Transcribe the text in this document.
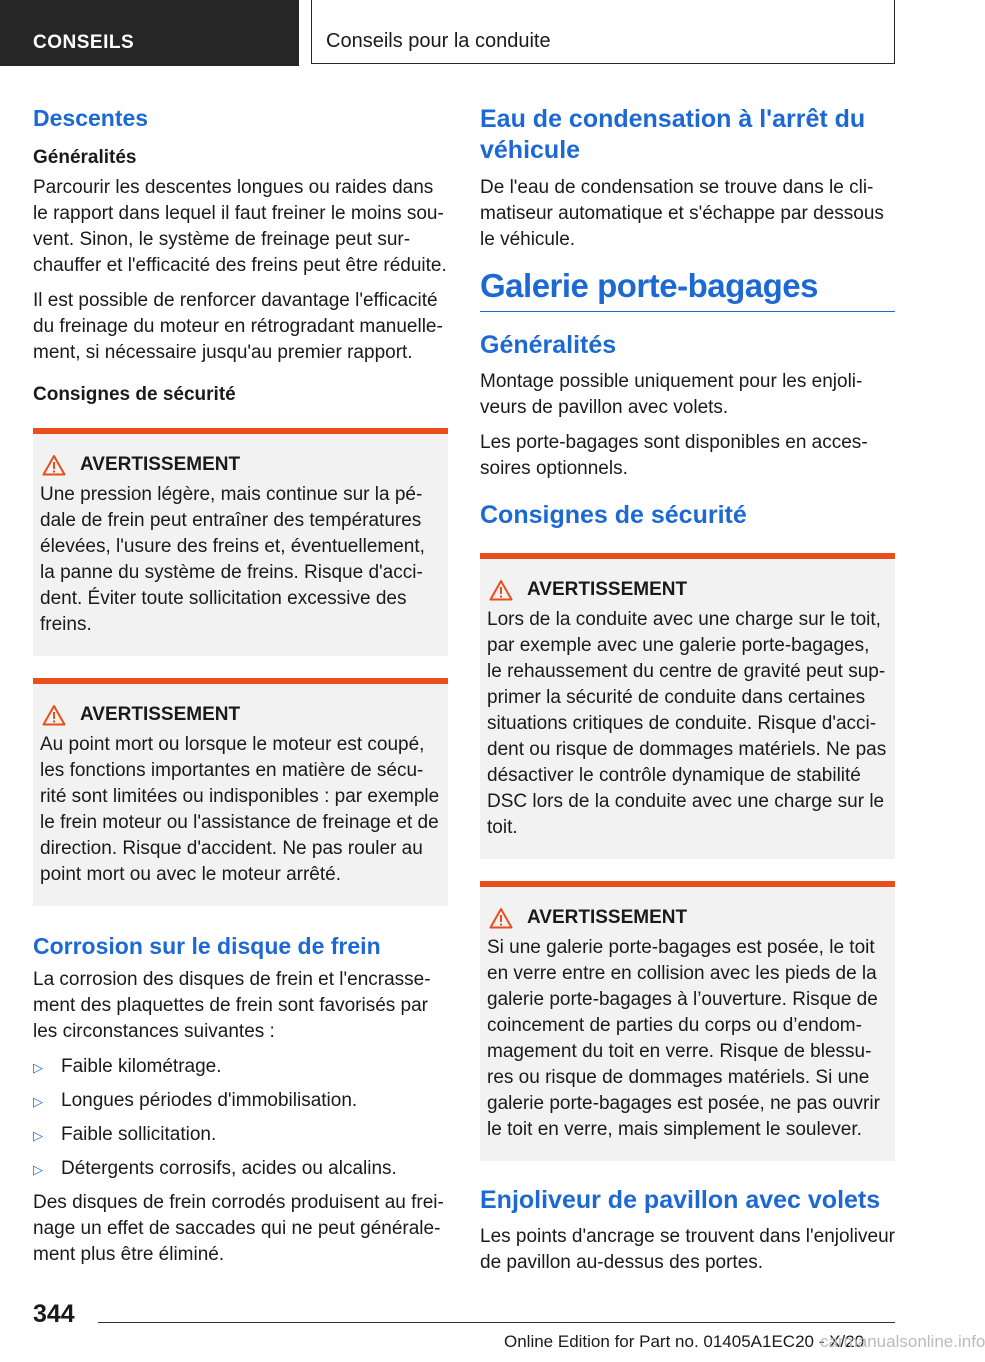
CONSEILS	Conseils pour la conduite
Descentes
Généralités

Parcourir les descentes longues ou raides dans le rapport dans lequel il faut freiner le moins souvent. Sinon, le système de freinage peut surchauffer et l'efficacité des freins peut être réduite.

Il est possible de renforcer davantage l'efficacité du freinage du moteur en rétrogradant manuellement, si nécessaire jusqu'au premier rapport.

Consignes de sécurité
AVERTISSEMENT

Une pression légère, mais continue sur la pédale de frein peut entraîner des températures élevées, l'usure des freins et, éventuellement, la panne du système de freins. Risque d'accident. Éviter toute sollicitation excessive des freins.

AVERTISSEMENT

Au point mort ou lorsque le moteur est coupé, les fonctions importantes en matière de sécurité sont limitées ou indisponibles : par exemple le frein moteur ou l'assistance de freinage et de direction. Risque d'accident. Ne pas rouler au point mort ou avec le moteur arrêté.

Corrosion sur le disque de frein

La corrosion des disques de frein et l'encrassement des plaquettes de frein sont favorisés par les circonstances suivantes :

▷ Faible kilométrage.
▷ Longues périodes d'immobilisation.
▷ Faible sollicitation.
▷ Détergents corrosifs, acides ou alcalins.

Des disques de frein corrodés produisent au freinage un effet de saccades qui ne peut généralement plus être éliminé.

Eau de condensation à l'arrêt du véhicule

De l'eau de condensation se trouve dans le climatiseur automatique et s'échappe par dessous le véhicule.

Galerie porte-bagages
Généralités

Montage possible uniquement pour les enjoliveurs de pavillon avec volets.

Les porte-bagages sont disponibles en accessoires optionnels.

Consignes de sécurité
AVERTISSEMENT

Lors de la conduite avec une charge sur le toit, par exemple avec une galerie porte-bagages, le rehaussement du centre de gravité peut supprimer la sécurité de conduite dans certaines situations critiques de conduite. Risque d'accident ou risque de dommages matériels. Ne pas désactiver le contrôle dynamique de stabilité DSC lors de la conduite avec une charge sur le toit.

AVERTISSEMENT

Si une galerie porte-bagages est posée, le toit en verre entre en collision avec les pieds de la galerie porte-bagages à l’ouverture. Risque de coincement de parties du corps ou d’endommagement du toit en verre. Risque de blessures ou risque de dommages matériels. Si une galerie porte-bagages est posée, ne pas ouvrir le toit en verre, mais simplement le soulever.

Enjoliveur de pavillon avec volets

Les points d'ancrage se trouvent dans l'enjoliveur de pavillon au-dessus des portes.

344
Online Edition for Part no. 01405A1EC20 - X/20
carmanualsonline.info
